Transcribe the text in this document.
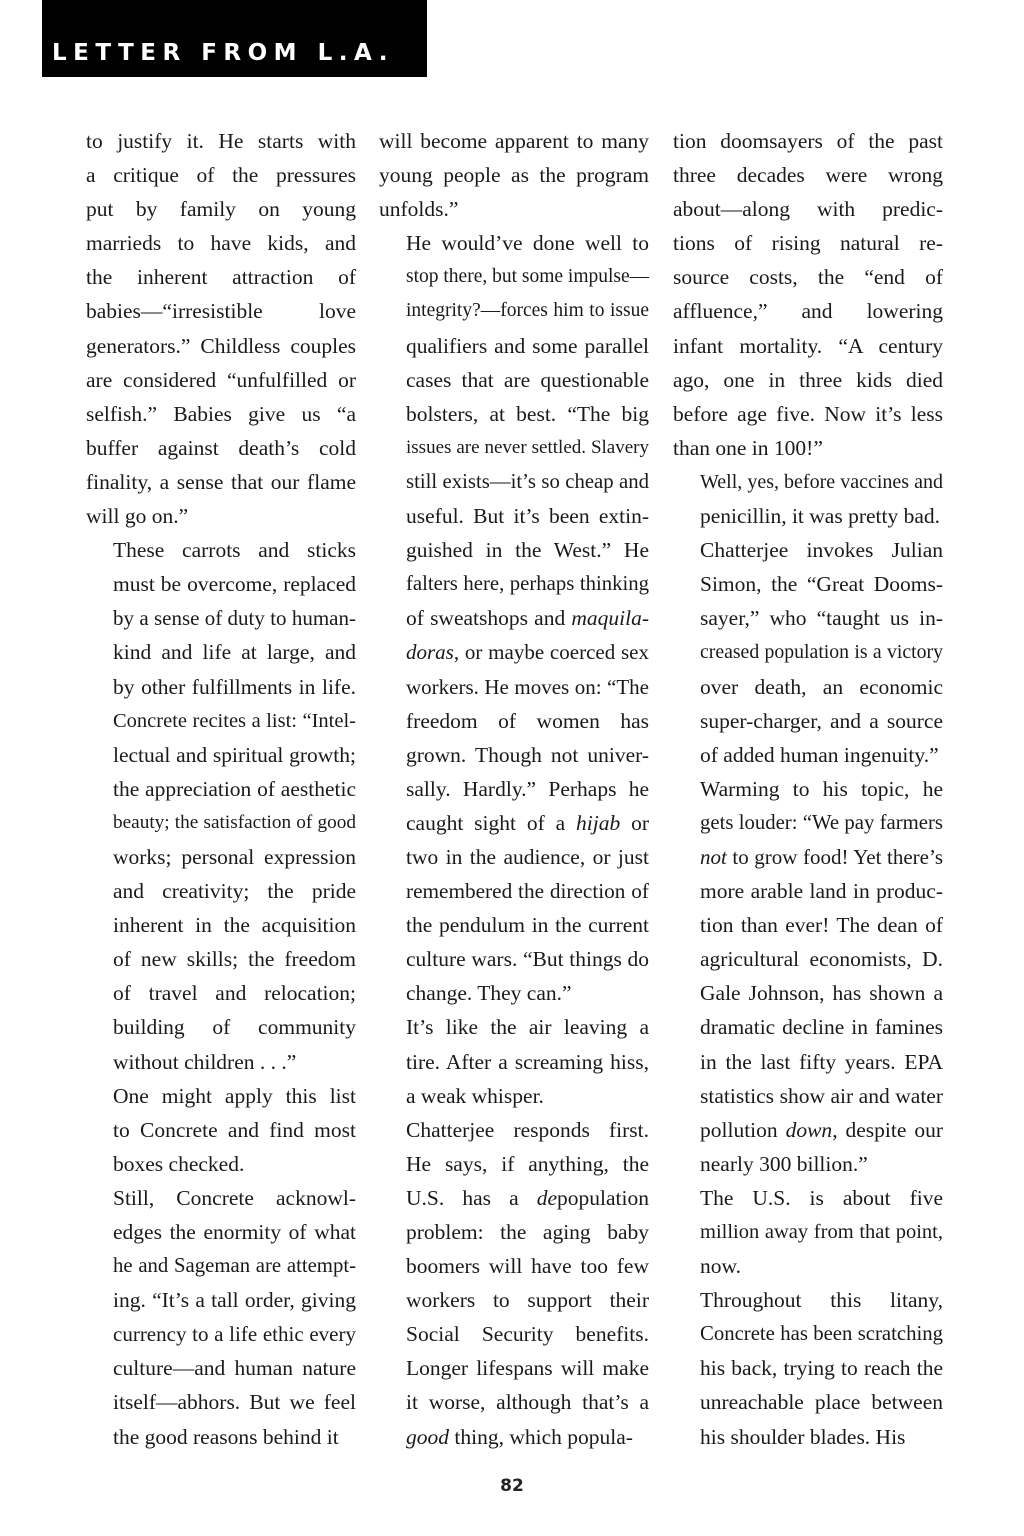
LETTER FROM L.A.

to justify it. He starts with
a critique of the pressures
put by family on young
marrieds to have kids, and
the inherent attraction of
babies—“irresistible love
generators.” Childless couples
are considered “unfulfilled or
selfish.” Babies give us “a
buffer against death’s cold
finality, a sense that our flame
will go on.”

These carrots and sticks
must be overcome, replaced
by a sense of duty to human-
kind and life at large, and
by other fulfillments in life.
Concrete recites a list: “Intel-
lectual and spiritual growth;
the appreciation of aesthetic
beauty; the satisfaction of good
works; personal expression
and creativity; the pride
inherent in the acquisition
of new skills; the freedom
of travel and relocation;
building of community
without children . . .”

One might apply this list
to Concrete and find most
boxes checked.

Still, Concrete acknowl-
edges the enormity of what
he and Sageman are attempt-
ing. “It’s a tall order, giving
currency to a life ethic every
culture—and human nature
itself—abhors. But we feel
the good reasons behind it

will become apparent to many
young people as the program
unfolds.”

He would’ve done well to
stop there, but some impulse—
integrity?—forces him to issue
qualifiers and some parallel
cases that are questionable
bolsters, at best. “The big
issues are never settled. Slavery
still exists—it’s so cheap and
useful. But it’s been extin-
guished in the West.” He
falters here, perhaps thinking
of sweatshops and maquila-
doras, or maybe coerced sex
workers. He moves on: “The
freedom of women has
grown. Though not univer-
sally. Hardly.” Perhaps he
caught sight of a hijab or
two in the audience, or just
remembered the direction of
the pendulum in the current
culture wars. “But things do
change. They can.”

It’s like the air leaving a
tire. After a screaming hiss,
a weak whisper.

Chatterjee responds first.
He says, if anything, the
U.S. has a depopulation
problem: the aging baby
boomers will have too few
workers to support their
Social Security benefits.
Longer lifespans will make
it worse, although that’s a
good thing, which popula-

tion doomsayers of the past
three decades were wrong
about—along with predic-
tions of rising natural re-
source costs, the “end of
affluence,” and lowering
infant mortality. “A century
ago, one in three kids died
before age five. Now it’s less
than one in 100!”

Well, yes, before vaccines and
penicillin, it was pretty bad.

Chatterjee invokes Julian
Simon, the “Great Dooms-
sayer,” who “taught us in-
creased population is a victory
over death, an economic
super-charger, and a source
of added human ingenuity.”

Warming to his topic, he
gets louder: “We pay farmers
not to grow food! Yet there’s
more arable land in produc-
tion than ever! The dean of
agricultural economists, D.
Gale Johnson, has shown a
dramatic decline in famines
in the last fifty years. EPA
statistics show air and water
pollution down, despite our
nearly 300 billion.”

The U.S. is about five
million away from that point,
now.

Throughout this litany,
Concrete has been scratching
his back, trying to reach the
unreachable place between
his shoulder blades. His

82
